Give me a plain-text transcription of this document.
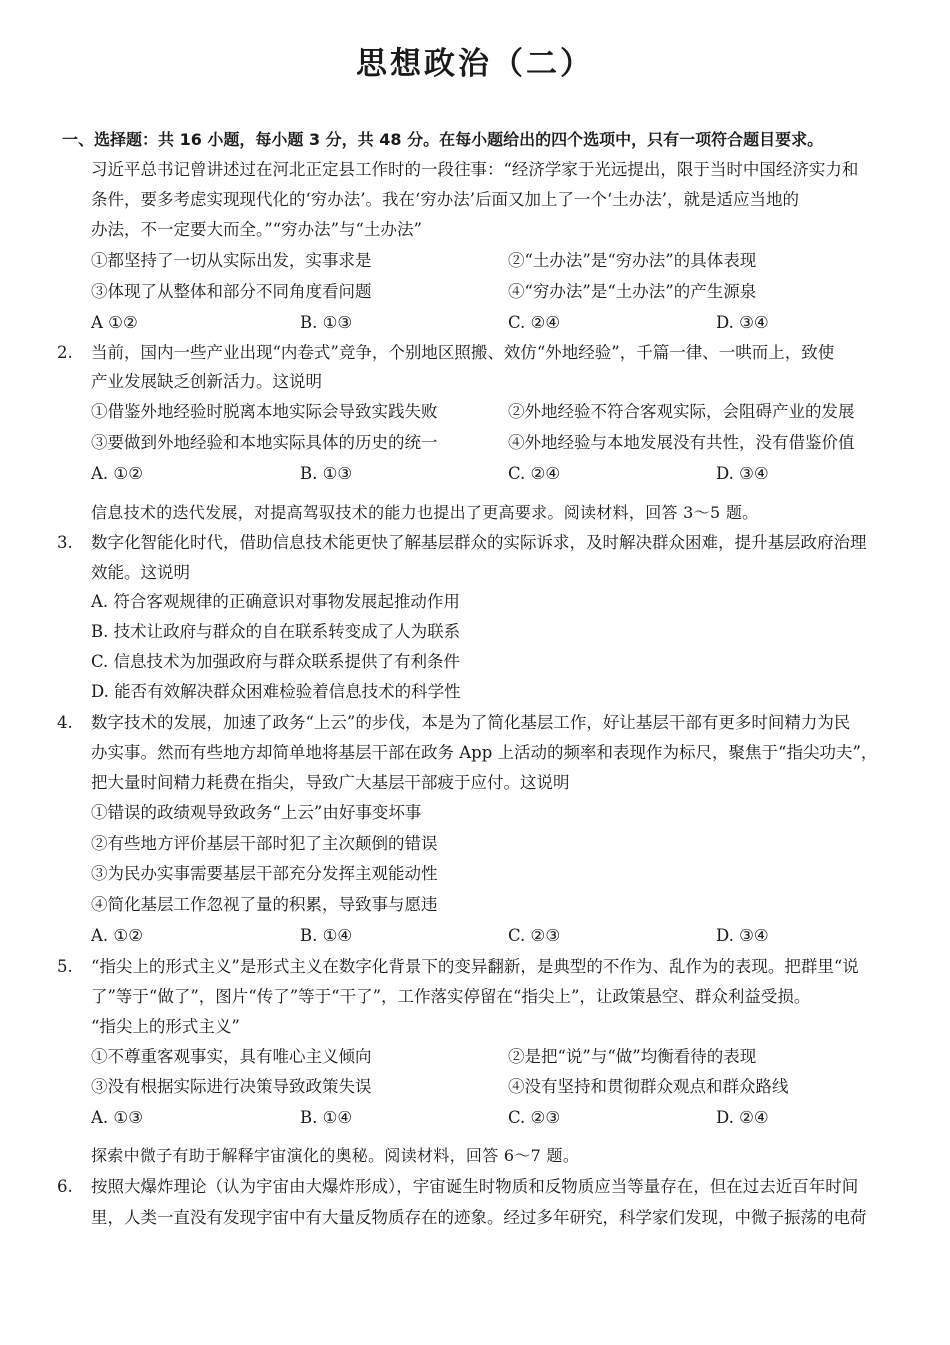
思想政治（二）
一、选择题：共 16 小题，每小题 3 分，共 48 分。在每小题给出的四个选项中，只有一项符合题目要求。
习近平总书记曾讲述过在河北正定县工作时的一段往事：“经济学家于光远提出，限于当时中国经济实力和
条件，要多考虑实现现代化的‘穷办法’。我在‘穷办法’后面又加上了一个‘土办法’，就是适应当地的
办法，不一定要大而全。”“穷办法”与“土办法”
①都坚持了一切从实际出发，实事求是	②“土办法”是“穷办法”的具体表现
③体现了从整体和部分不同角度看问题	④“穷办法”是“土办法”的产生源泉
A ①②	B. ①③	C. ②④	D. ③④
2. 当前，国内一些产业出现“内卷式”竞争，个别地区照搬、效仿“外地经验”，千篇一律、一哄而上，致使
产业发展缺乏创新活力。这说明
①借鉴外地经验时脱离本地实际会导致实践失败	②外地经验不符合客观实际，会阻碍产业的发展
③要做到外地经验和本地实际具体的历史的统一	④外地经验与本地发展没有共性，没有借鉴价值
A. ①②	B. ①③	C. ②④	D. ③④
信息技术的迭代发展，对提高驾驭技术的能力也提出了更高要求。阅读材料，回答 3～5 题。
3. 数字化智能化时代，借助信息技术能更快了解基层群众的实际诉求，及时解决群众困难，提升基层政府治理
效能。这说明
A. 符合客观规律的正确意识对事物发展起推动作用
B. 技术让政府与群众的自在联系转变成了人为联系
C. 信息技术为加强政府与群众联系提供了有利条件
D. 能否有效解决群众困难检验着信息技术的科学性
4. 数字技术的发展，加速了政务“上云”的步伐，本是为了简化基层工作，好让基层干部有更多时间精力为民
办实事。然而有些地方却简单地将基层干部在政务 App 上活动的频率和表现作为标尺，聚焦于“指尖功夫”，
把大量时间精力耗费在指尖，导致广大基层干部疲于应付。这说明
①错误的政绩观导致政务“上云”由好事变坏事
②有些地方评价基层干部时犯了主次颠倒的错误
③为民办实事需要基层干部充分发挥主观能动性
④简化基层工作忽视了量的积累，导致事与愿违
A. ①②	B. ①④	C. ②③	D. ③④
5. “指尖上的形式主义”是形式主义在数字化背景下的变异翻新，是典型的不作为、乱作为的表现。把群里“说
了”等于“做了”，图片“传了”等于“干了”，工作落实停留在“指尖上”，让政策悬空、群众利益受损。
“指尖上的形式主义”
①不尊重客观事实，具有唯心主义倾向	②是把“说”与“做”均衡看待的表现
③没有根据实际进行决策导致政策失误	④没有坚持和贯彻群众观点和群众路线
A. ①③	B. ①④	C. ②③	D. ②④
探索中微子有助于解释宇宙演化的奥秘。阅读材料，回答 6～7 题。
6. 按照大爆炸理论（认为宇宙由大爆炸形成），宇宙诞生时物质和反物质应当等量存在，但在过去近百年时间
里，人类一直没有发现宇宙中有大量反物质存在的迹象。经过多年研究，科学家们发现，中微子振荡的电荷
